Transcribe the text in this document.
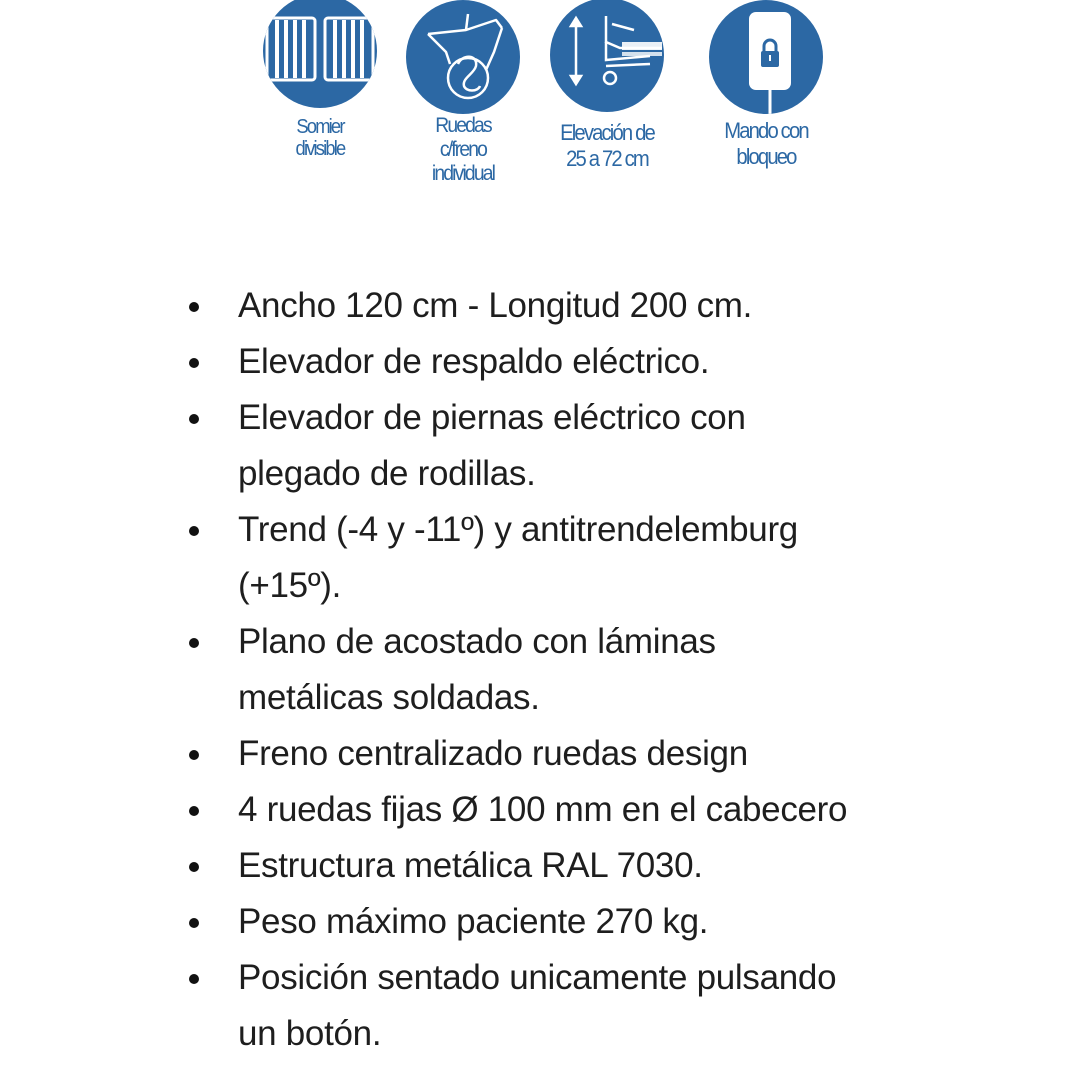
Somier
divisible
Ruedas
c/freno
individual
Elevación de
25 a 72 cm
Mando con
bloqueo
Ancho 120 cm - Longitud 200 cm.
Elevador de respaldo eléctrico.
Elevador de piernas eléctrico con
plegado de rodillas.
Trend (-4 y -11º) y antitrendelemburg
(+15º).
Plano de acostado con láminas
metálicas soldadas.
Freno centralizado ruedas design
4 ruedas fijas Ø 100 mm en el cabecero
Estructura metálica RAL 7030.
Peso máximo paciente 270 kg.
Posición sentado unicamente pulsando
un botón.
